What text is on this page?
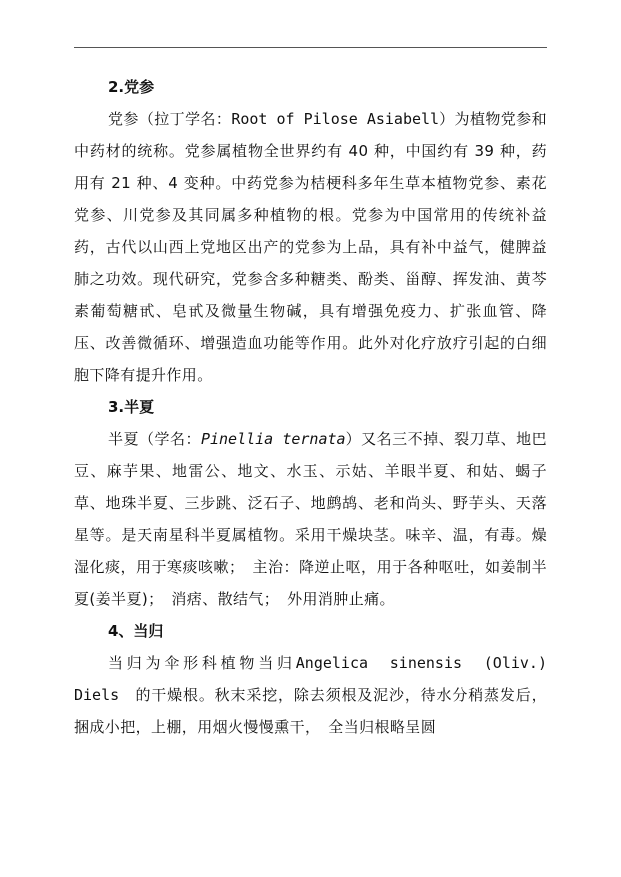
2.党参

党参（拉丁学名：Root of Pilose Asiabell）为植物党参和中药材的统称。党参属植物全世界约有 40 种，中国约有 39 种，药用有 21 种、4 变种。中药党参为桔梗科多年生草本植物党参、素花党参、川党参及其同属多种植物的根。党参为中国常用的传统补益药，古代以山西上党地区出产的党参为上品，具有补中益气，健脾益肺之功效。现代研究，党参含多种糖类、酚类、甾醇、挥发油、黄芩素葡萄糖甙、皂甙及微量生物碱，具有增强免疫力、扩张血管、降压、改善微循环、增强造血功能等作用。此外对化疗放疗引起的白细胞下降有提升作用。

3.半夏

半夏（学名：Pinellia ternata）又名三不掉、裂刀草、地巴豆、麻芋果、地雷公、地文、水玉、示姑、羊眼半夏、和姑、蝎子草、地珠半夏、三步跳、泛石子、地鹧鸪、老和尚头、野芋头、天落星等。是天南星科半夏属植物。采用干燥块茎。味辛、温，有毒。燥湿化痰，用于寒痰咳嗽；　主治：降逆止呕，用于各种呕吐，如姜制半夏(姜半夏)；　消痞、散结气；　外用消肿止痛。

4、当归

当归为伞形科植物当归Angelica　sinensis　(Oliv.) Diels　的干燥根。秋末采挖，除去须根及泥沙，待水分稍蒸发后，捆成小把，上棚，用烟火慢慢熏干，　全当归根略呈圆
